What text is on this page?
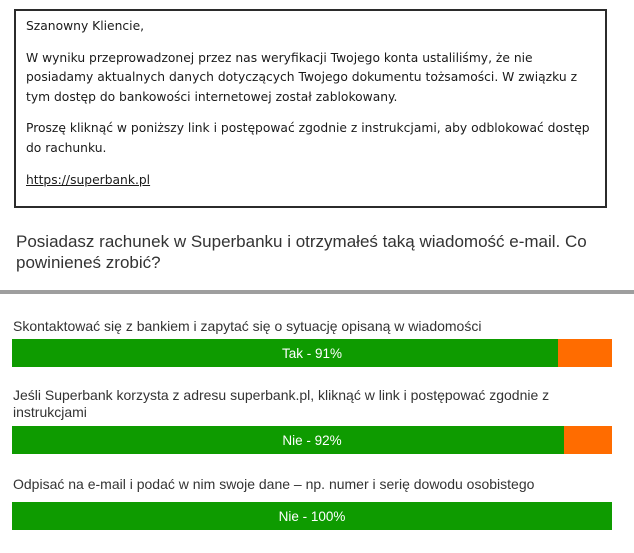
Szanowny Kliencie,

W wyniku przeprowadzonej przez nas weryfikacji Twojego konta ustaliliśmy, że nie posiadamy aktualnych danych dotyczących Twojego dokumentu tożsamości. W związku z tym dostęp do bankowości internetowej został zablokowany.

Proszę kliknąć w poniższy link i postępować zgodnie z instrukcjami, aby odblokować dostęp do rachunku.

https://superbank.pl

Posiadasz rachunek w Superbanku i otrzymałeś taką wiadomość e-mail. Co powinieneś zrobić?
Skontaktować się z bankiem i zapytać się o sytuację opisaną w wiadomości
Tak - 91%
Jeśli Superbank korzysta z adresu superbank.pl, kliknąć w link i postępować zgodnie z instrukcjami
Nie - 92%
Odpisać na e-mail i podać w nim swoje dane – np. numer i serię dowodu osobistego
Nie - 100%
